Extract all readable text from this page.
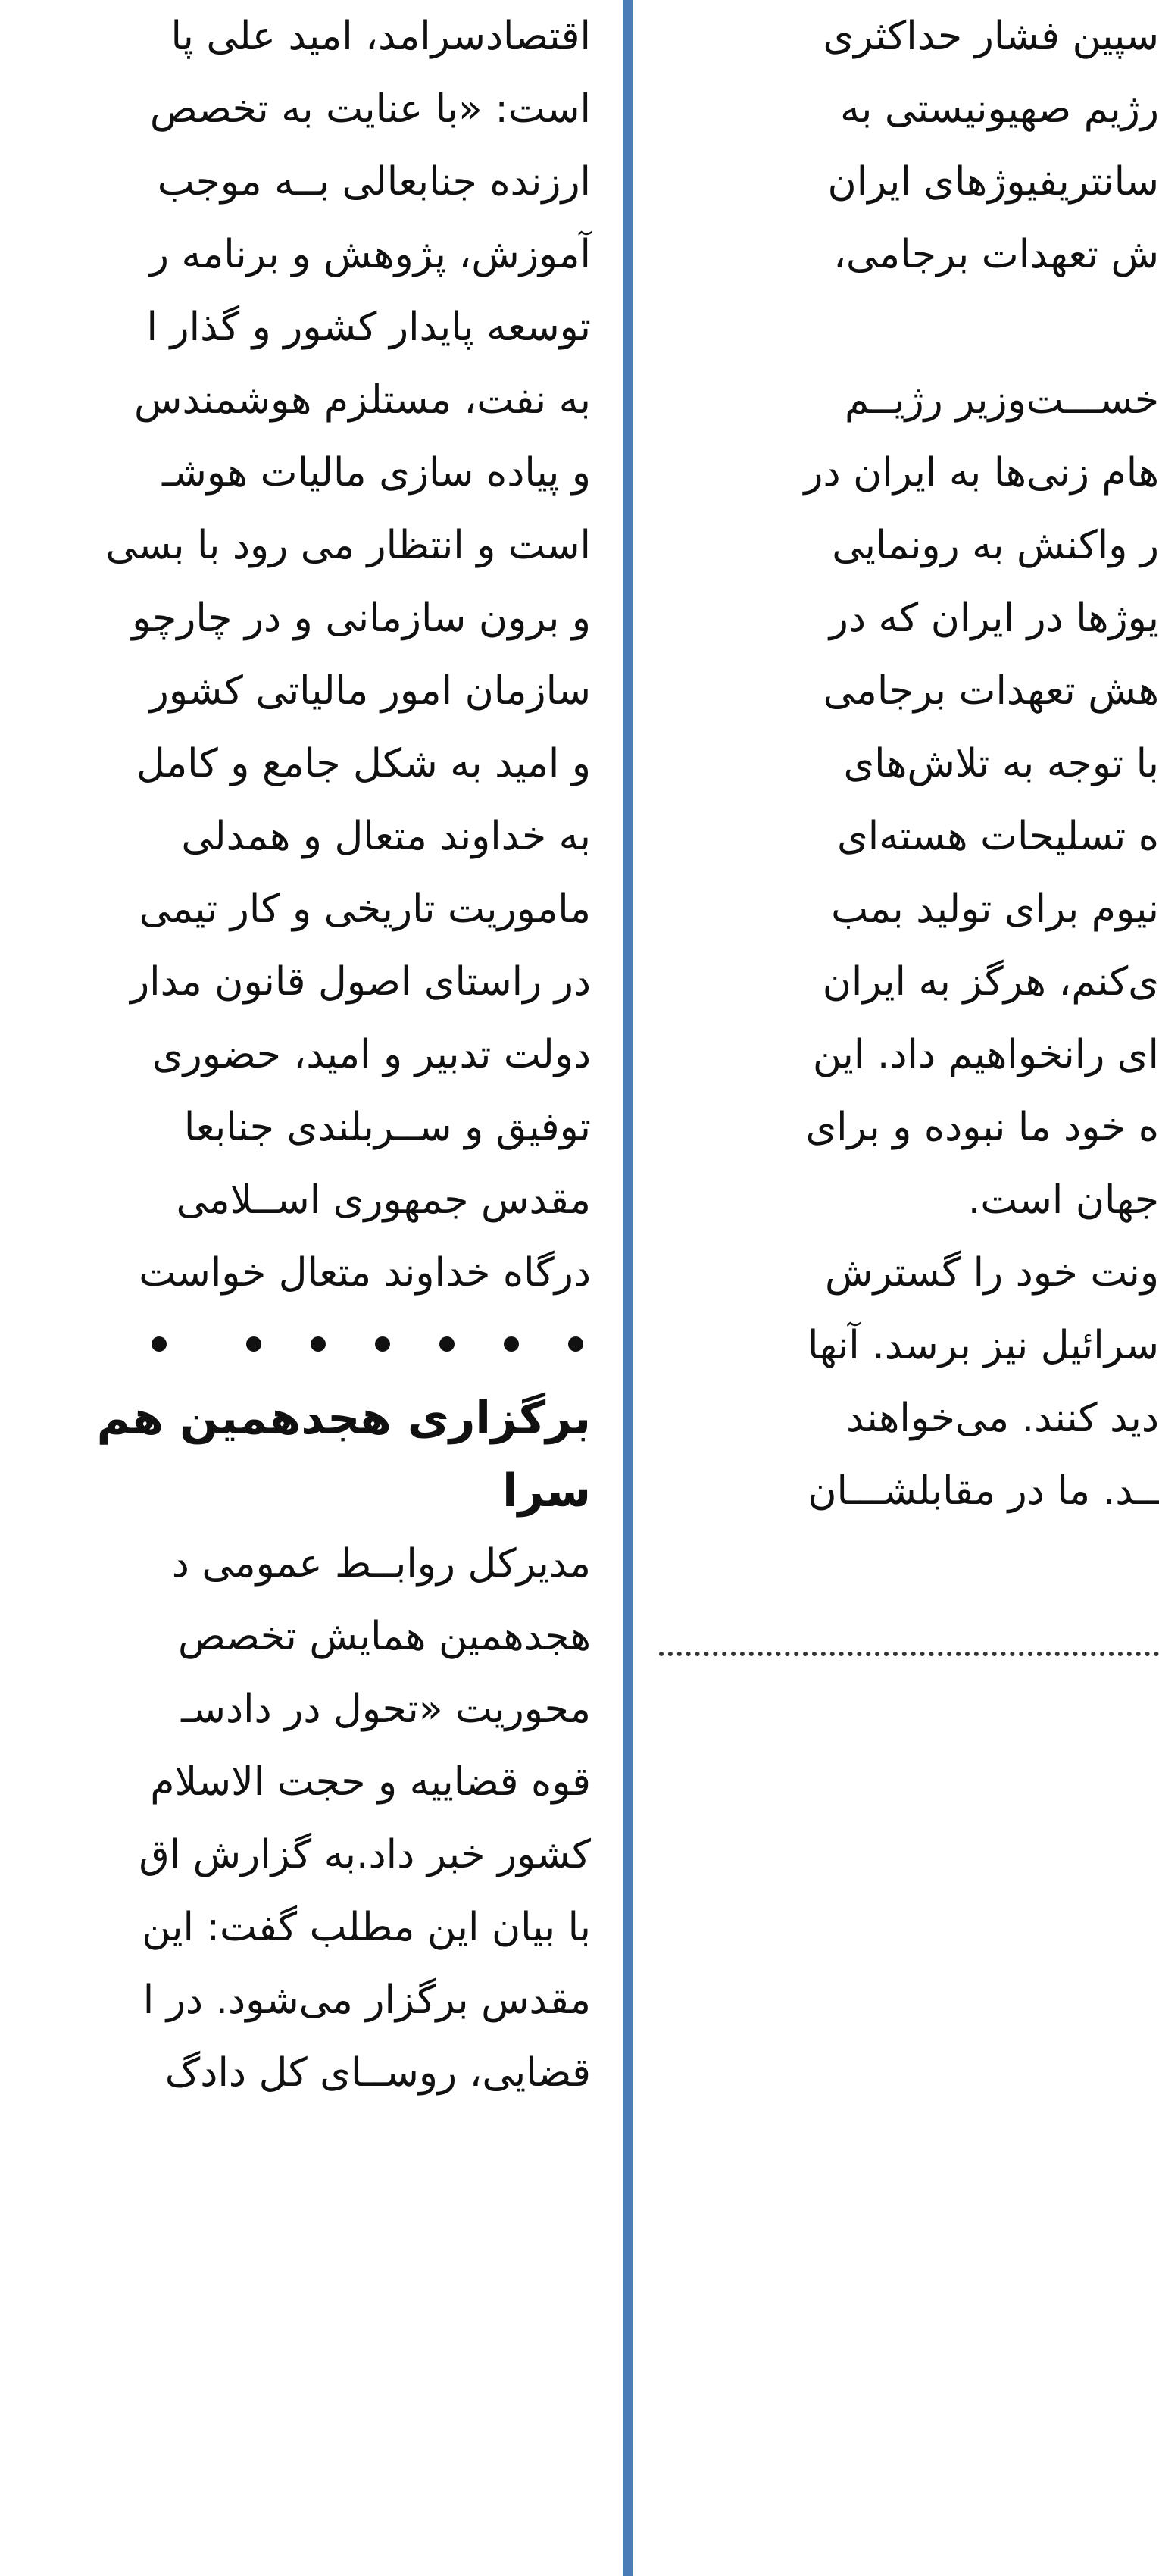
اقتصادسرامد، امید علی پا
است: «با عنایت به تخصص
ارزنده جنابعالی بــه موجب
آموزش، پژوهش و برنامه ر
توسعه پایدار کشور و گذار ا
به نفت، مستلزم هوشمندس
و پیاده سازی مالیات هوشـ
است و انتظار می رود با بسی
و برون سازمانی و در چارچو
سازمان امور مالیاتی کشور
و امید به شکل جامع و کامل
به خداوند متعال و همدلی
ماموریت تاریخی و کار تیمی
در راستای اصول قانون مدار
دولت تدبیر و امید، حضوری
توفیق و ســربلندی جنابعا
مقدس جمهوری اســلامی
درگاه خداوند متعال خواست
برگزاری هجدهمین هم
سرا
مدیرکل روابــط عمومی د
هجدهمین همایش تخصص
محوریت «تحول در دادسـ
قوه قضاییه و حجت الاسلام
کشور خبر داد.به گزارش اق
با بیان این مطلب گفت: این
مقدس برگزار می‌شود. در ا
قضایی، روســای کل دادگ
سپین فشار حداکثری
رژیم صهیونیستی به
سانتریفیوژهای ایران
ش تعهدات برجامی،
خســـت‌وزیر رژیــم
هام زنی‌ها به ایران در
ر واکنش به رونمایی
یوژها در ایران که در
هش تعهدات برجامی
با توجه به تلاش‌های
ه تسلیحات هسته‌ای
نیوم برای تولید بمب
ی‌کنم، هرگز به ایران
ای رانخواهیم داد. این
ه خود ما نبوده و برای
جهان است.
ونت خود را گسترش
سرائیل نیز برسد. آنها
دید کنند. می‌خواهند
ــد. ما در مقابلشـــان
